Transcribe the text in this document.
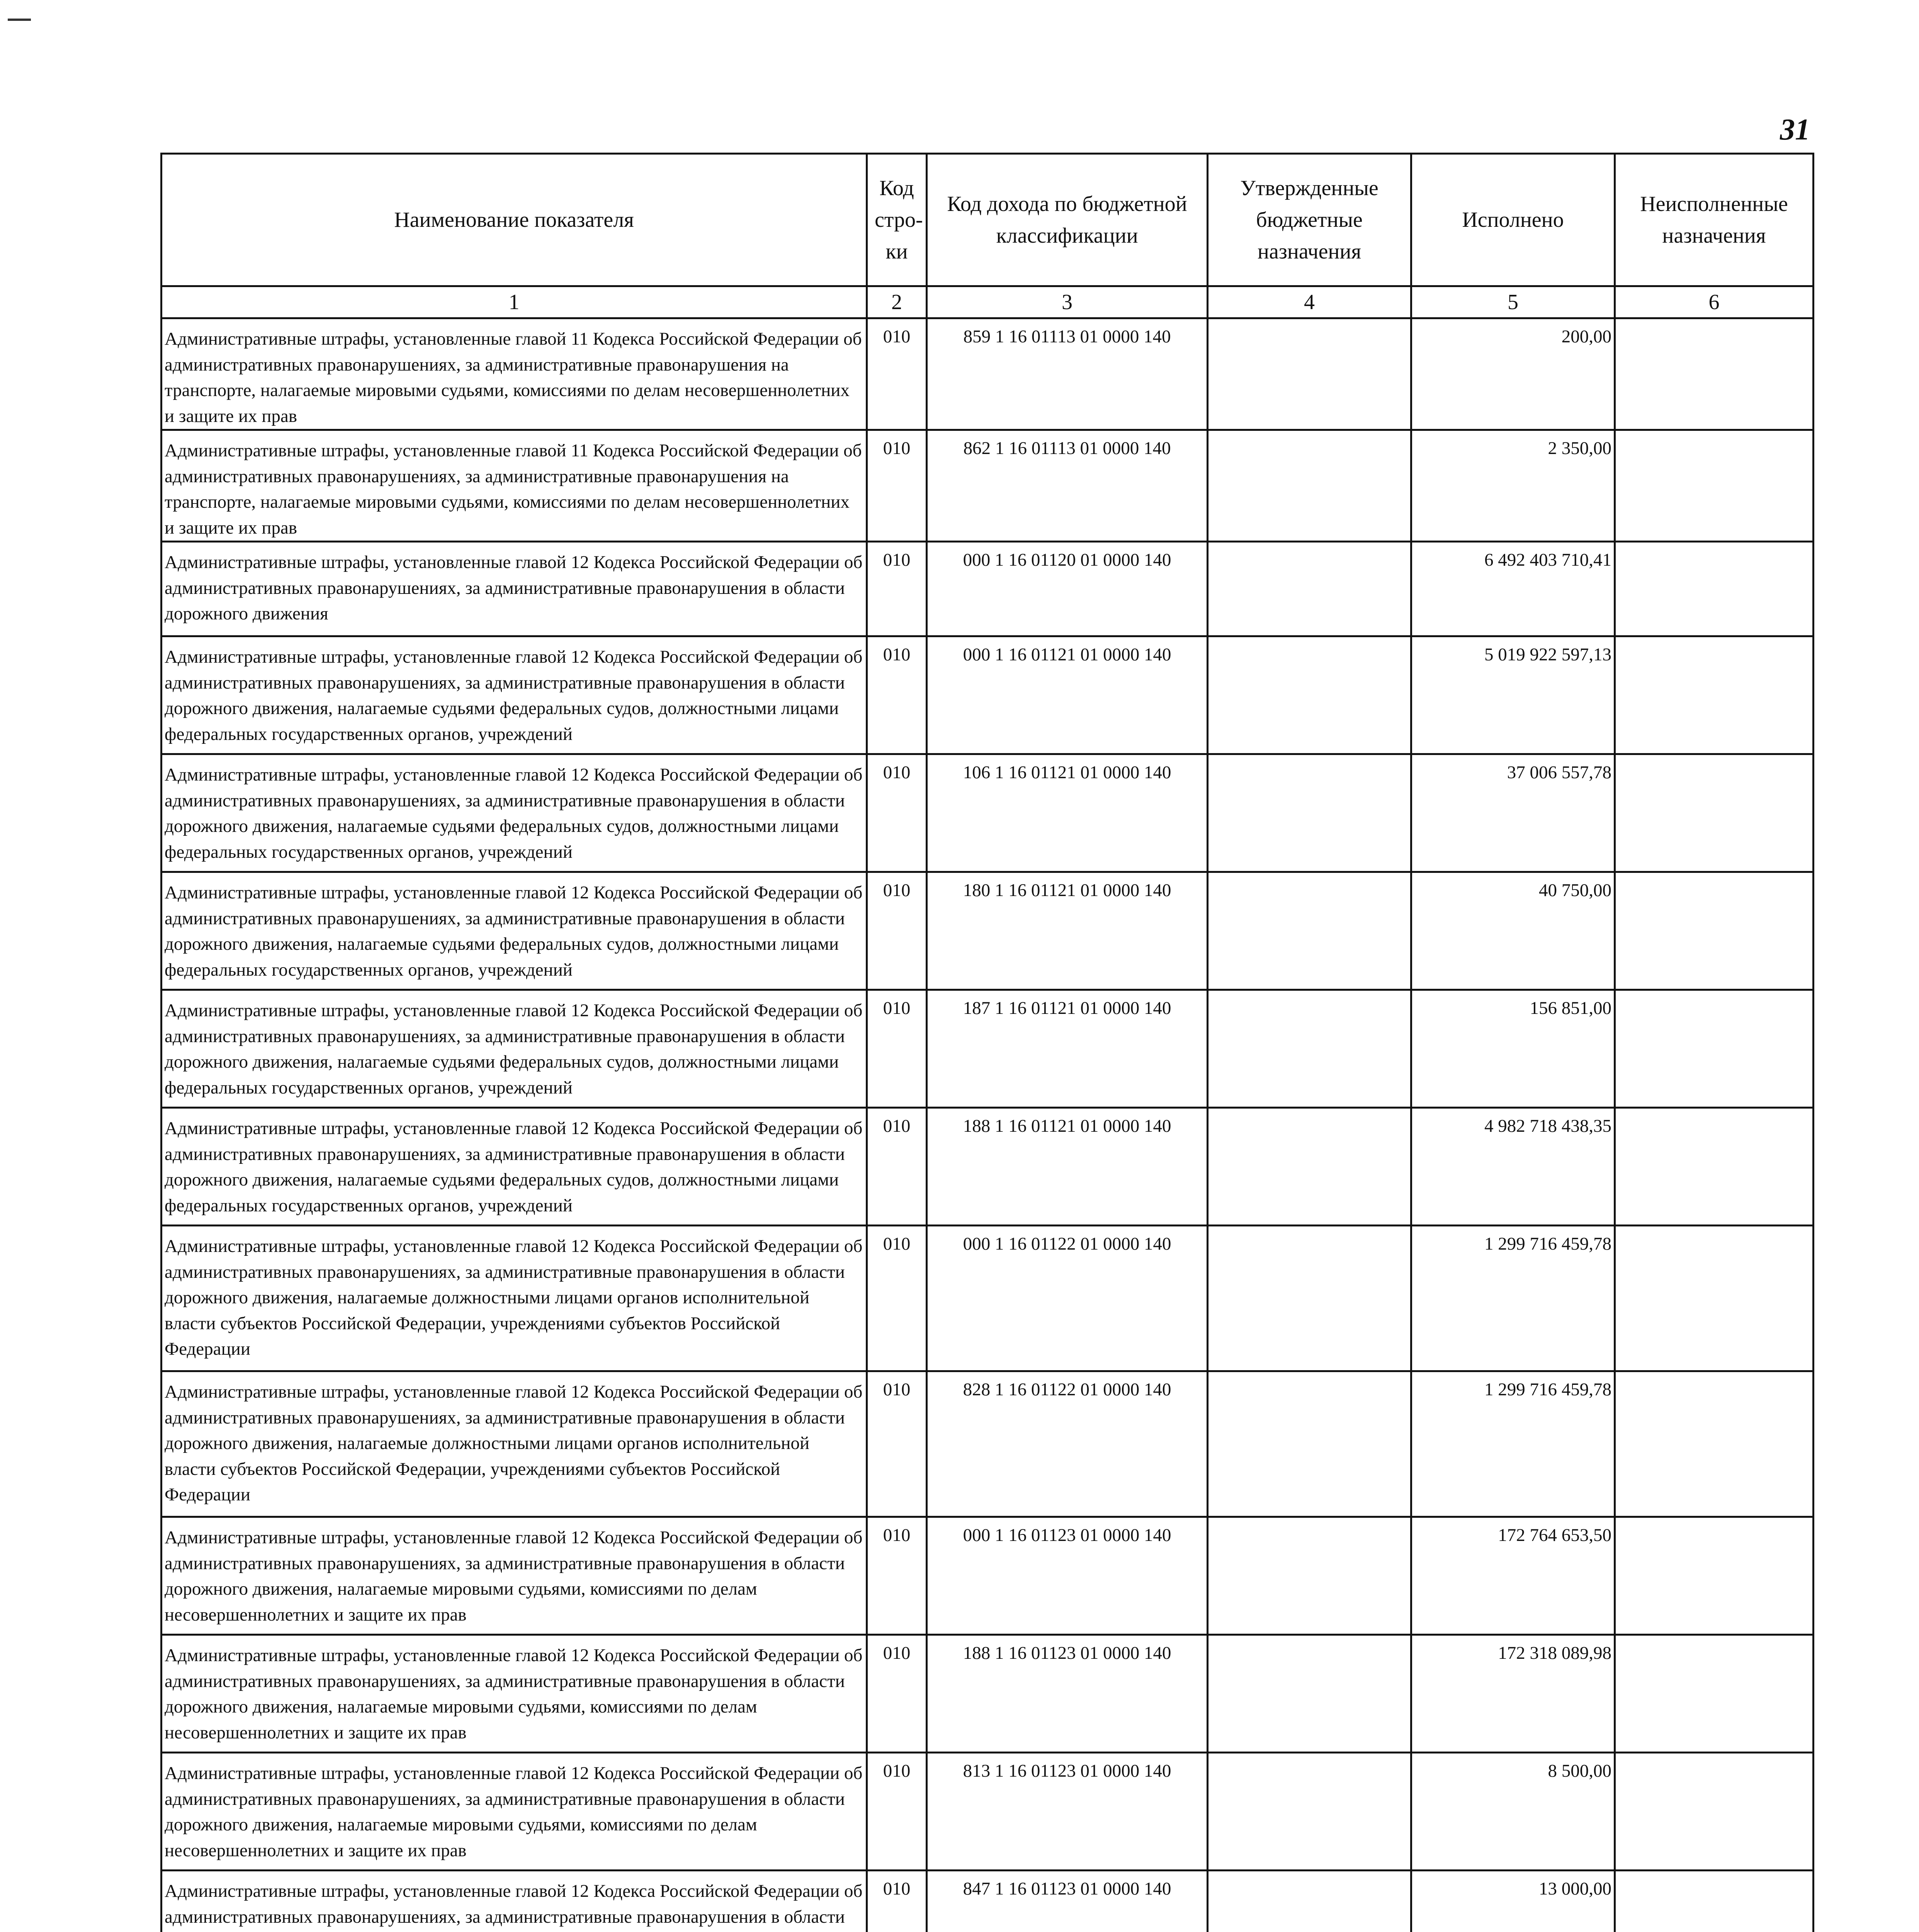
31
Наименование показателя	Код стро-ки	Код дохода по бюджетной классификации	Утвержденные бюджетные назначения	Исполнено	Неисполненные назначения
1	2	3	4	5	6
Административные штрафы, установленные главой 11 Кодекса Российской Федерации об административных правонарушениях, за административные правонарушения на транспорте, налагаемые мировыми судьями, комиссиями по делам несовершеннолетних и защите их прав	010	859 1 16 01113 01 0000 140		200,00	
Административные штрафы, установленные главой 11 Кодекса Российской Федерации об административных правонарушениях, за административные правонарушения на транспорте, налагаемые мировыми судьями, комиссиями по делам несовершеннолетних и защите их прав	010	862 1 16 01113 01 0000 140		2 350,00	
Административные штрафы, установленные главой 12 Кодекса Российской Федерации об административных правонарушениях, за административные правонарушения в области дорожного движения	010	000 1 16 01120 01 0000 140		6 492 403 710,41	
Административные штрафы, установленные главой 12 Кодекса Российской Федерации об административных правонарушениях, за административные правонарушения в области дорожного движения, налагаемые судьями федеральных судов, должностными лицами федеральных государственных органов, учреждений	010	000 1 16 01121 01 0000 140		5 019 922 597,13	
Административные штрафы, установленные главой 12 Кодекса Российской Федерации об административных правонарушениях, за административные правонарушения в области дорожного движения, налагаемые судьями федеральных судов, должностными лицами федеральных государственных органов, учреждений	010	106 1 16 01121 01 0000 140		37 006 557,78	
Административные штрафы, установленные главой 12 Кодекса Российской Федерации об административных правонарушениях, за административные правонарушения в области дорожного движения, налагаемые судьями федеральных судов, должностными лицами федеральных государственных органов, учреждений	010	180 1 16 01121 01 0000 140		40 750,00	
Административные штрафы, установленные главой 12 Кодекса Российской Федерации об административных правонарушениях, за административные правонарушения в области дорожного движения, налагаемые судьями федеральных судов, должностными лицами федеральных государственных органов, учреждений	010	187 1 16 01121 01 0000 140		156 851,00	
Административные штрафы, установленные главой 12 Кодекса Российской Федерации об административных правонарушениях, за административные правонарушения в области дорожного движения, налагаемые судьями федеральных судов, должностными лицами федеральных государственных органов, учреждений	010	188 1 16 01121 01 0000 140		4 982 718 438,35	
Административные штрафы, установленные главой 12 Кодекса Российской Федерации об административных правонарушениях, за административные правонарушения в области дорожного движения, налагаемые должностными лицами органов исполнительной власти субъектов Российской Федерации, учреждениями субъектов Российской Федерации	010	000 1 16 01122 01 0000 140		1 299 716 459,78	
Административные штрафы, установленные главой 12 Кодекса Российской Федерации об административных правонарушениях, за административные правонарушения в области дорожного движения, налагаемые должностными лицами органов исполнительной власти субъектов Российской Федерации, учреждениями субъектов Российской Федерации	010	828 1 16 01122 01 0000 140		1 299 716 459,78	
Административные штрафы, установленные главой 12 Кодекса Российской Федерации об административных правонарушениях, за административные правонарушения в области дорожного движения, налагаемые мировыми судьями, комиссиями по делам несовершеннолетних и защите их прав	010	000 1 16 01123 01 0000 140		172 764 653,50	
Административные штрафы, установленные главой 12 Кодекса Российской Федерации об административных правонарушениях, за административные правонарушения в области дорожного движения, налагаемые мировыми судьями, комиссиями по делам несовершеннолетних и защите их прав	010	188 1 16 01123 01 0000 140		172 318 089,98	
Административные штрафы, установленные главой 12 Кодекса Российской Федерации об административных правонарушениях, за административные правонарушения в области дорожного движения, налагаемые мировыми судьями, комиссиями по делам несовершеннолетних и защите их прав	010	813 1 16 01123 01 0000 140		8 500,00	
Административные штрафы, установленные главой 12 Кодекса Российской Федерации об административных правонарушениях, за административные правонарушения в области	010	847 1 16 01123 01 0000 140		13 000,00	
